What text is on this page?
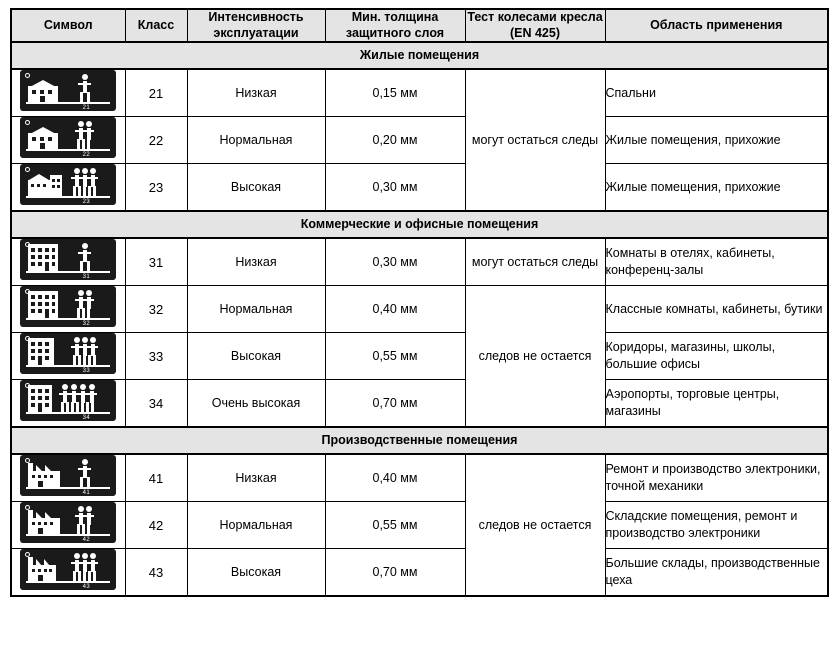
Символ	Класс	Интенсивность эксплуатации	Мин. толщина защитного слоя	Тест колесами кресла (EN 425)	Область применения
Жилые помещения					

21	21	Низкая	0,15 мм	могут остаться следы	Спальни

22	22	Нормальная	0,20 мм		Жилые помещения, прихожие

23	23	Высокая	0,30 мм		Жилые помещения, прихожие
Коммерческие и офисные помещения					

31	31	Низкая	0,30 мм	могут остаться следы	Комнаты в отелях, кабинеты, конференц-залы

32	32	Нормальная	0,40 мм	следов не остается	Классные комнаты, кабинеты, бутики

33	33	Высокая	0,55 мм		Коридоры, магазины, школы, большие офисы

34	34	Очень высокая	0,70 мм		Аэропорты, торговые центры, магазины
Производственные помещения					

41	41	Низкая	0,40 мм	следов не остается	Ремонт и производство электроники, точной механики

42	42	Нормальная	0,55 мм		Складские помещения, ремонт и производство электроники

43	43	Высокая	0,70 мм		Большие склады, производственные цеха
